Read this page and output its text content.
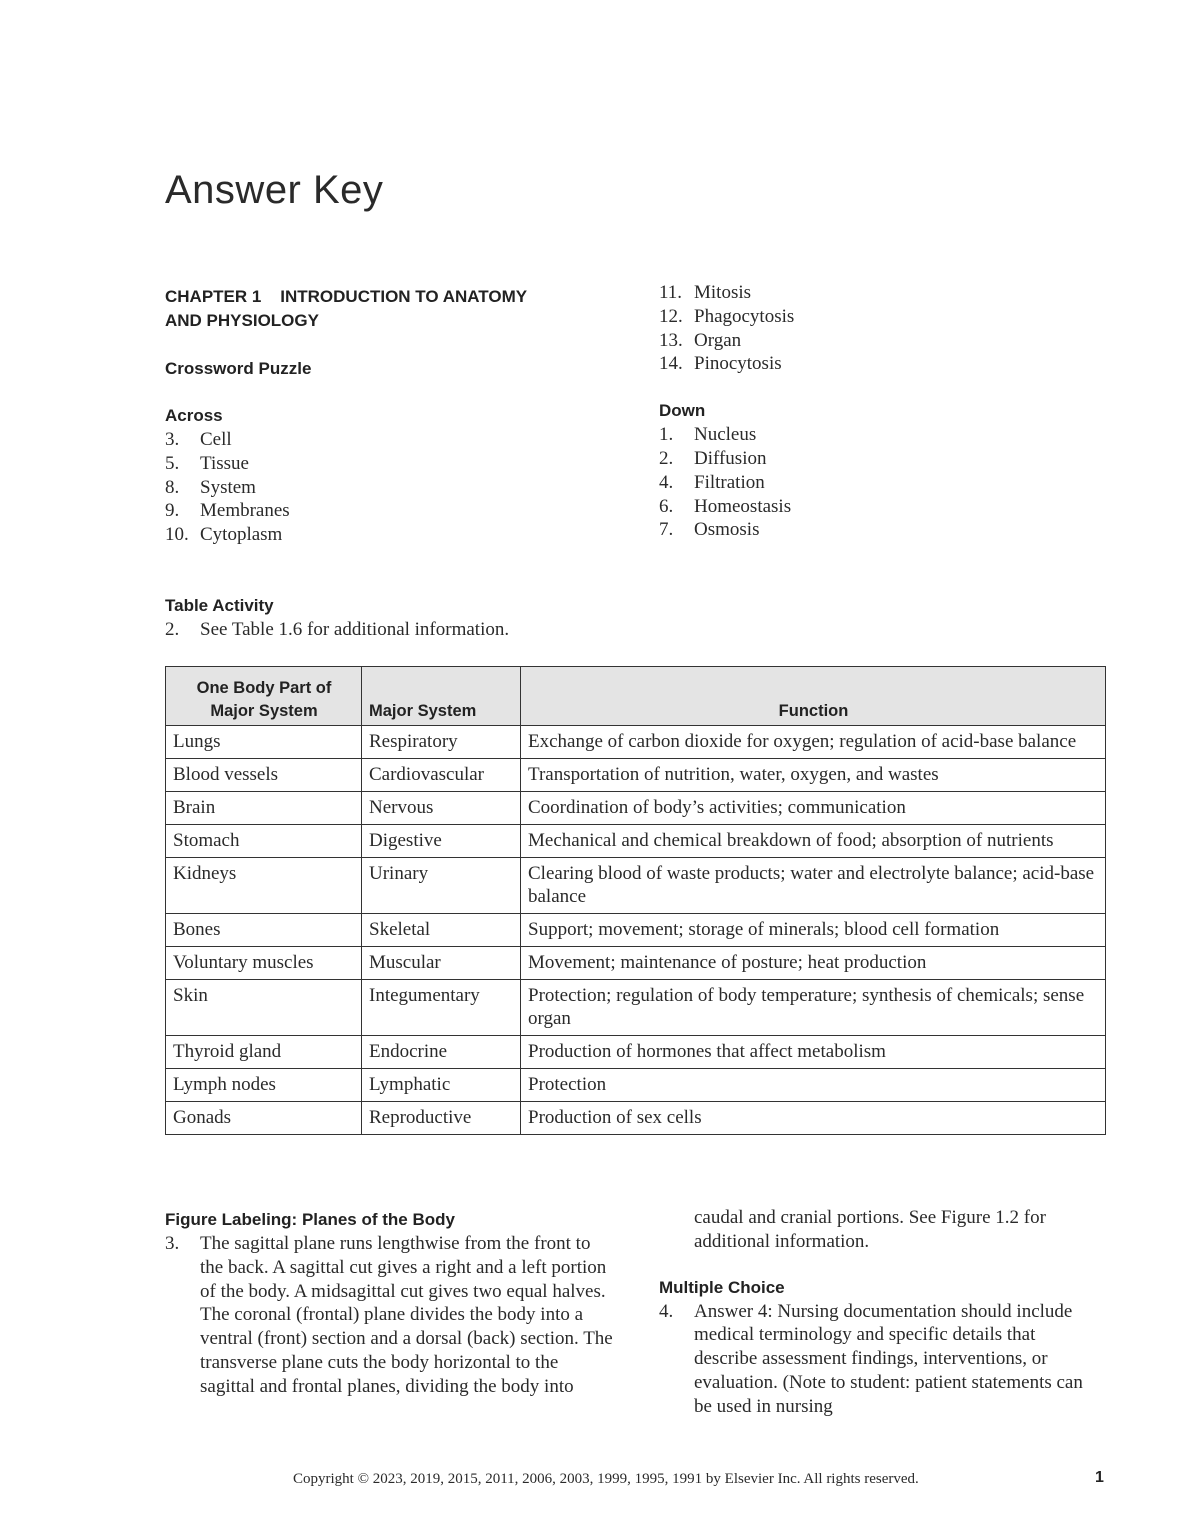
Answer Key

CHAPTER 1 INTRODUCTION TO ANATOMY
AND PHYSIOLOGY

Crossword Puzzle

Across

3.	Cell
5.	Tissue
8.	System
9.	Membranes
10. Cytoplasm
11. Mitosis
12. Phagocytosis
13. Organ
14. Pinocytosis

Down

1.	Nucleus
2.	Diffusion
4.	Filtration
6.	Homeostasis
7.	Osmosis

Table Activity

2.	See Table 1.6 for additional information.
One Body Part of
Major System	Major System	Function
Lungs	Respiratory	Exchange of carbon dioxide for oxygen; regulation of acid-base balance
Blood vessels	Cardiovascular	Transportation of nutrition, water, oxygen, and wastes
Brain	Nervous	Coordination of body’s activities; communication
Stomach	Digestive	Mechanical and chemical breakdown of food; absorption of nutrients
Kidneys	Urinary	Clearing blood of waste products; water and electrolyte balance; acid-base balance
Bones	Skeletal	Support; movement; storage of minerals; blood cell formation
Voluntary muscles	Muscular	Movement; maintenance of posture; heat production
Skin	Integumentary	Protection; regulation of body temperature; synthesis of chemicals; sense organ
Thyroid gland	Endocrine	Production of hormones that affect metabolism
Lymph nodes	Lymphatic	Protection
Gonads	Reproductive	Production of sex cells

Figure Labeling: Planes of the Body

3.	The sagittal plane runs lengthwise from the front to the back. A sagittal cut gives a right and a left portion of the body. A midsagittal cut gives two equal halves. The coronal (frontal) plane divides the body into a ventral (front) section and a dorsal (back) section. The transverse plane cuts the body horizontal to the sagittal and frontal planes, dividing the body into

caudal and cranial portions. See Figure 1.2 for additional information.

Multiple Choice

4.	Answer 4: Nursing documentation should include medical terminology and specific details that describe assessment findings, interventions, or evaluation. (Note to student: patient statements can be used in nursing
Copyright © 2023, 2019, 2015, 2011, 2006, 2003, 1999, 1995, 1991 by Elsevier Inc. All rights reserved.	1
